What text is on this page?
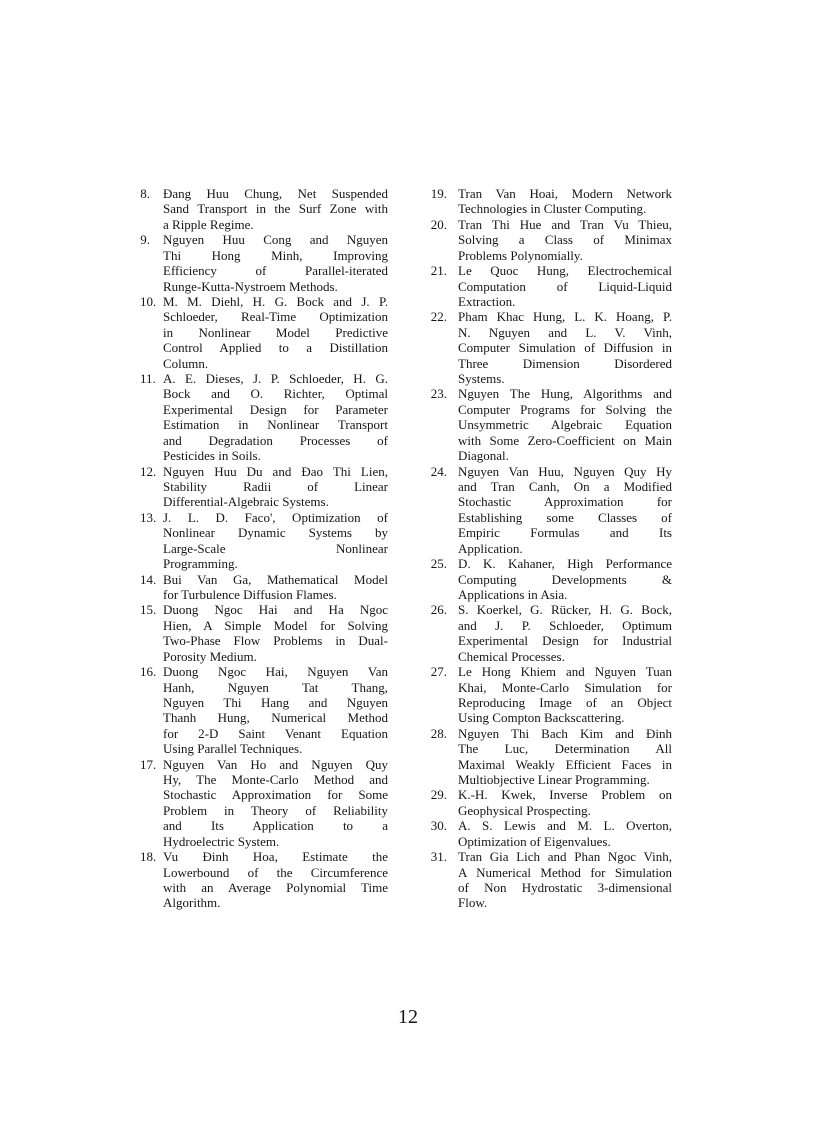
8.	Đang Huu Chung, Net Suspended
Sand Transport in the Surf Zone with
a Ripple Regime.
9.	Nguyen Huu Cong and Nguyen
Thi Hong Minh, Improving
Efficiency of Parallel-iterated
Runge-Kutta-Nystroem Methods.
10. M. M. Diehl, H. G. Bock and J. P.
Schloeder, Real-Time Optimization
in Nonlinear Model Predictive
Control Applied to a Distillation
Column.
11. A. E. Dieses, J. P. Schloeder, H. G.
Bock and O. Richter, Optimal
Experimental Design for Parameter
Estimation in Nonlinear Transport
and Degradation Processes of
Pesticides in Soils.
12. Nguyen Huu Du and Đao Thi Lien,
Stability Radii of Linear
Differential-Algebraic Systems.
13. J. L. D. Faco', Optimization of
Nonlinear Dynamic Systems by
Large-Scale Nonlinear
Programming.
14. Bui Van Ga, Mathematical Model
for Turbulence Diffusion Flames.
15. Duong Ngoc Hai and Ha Ngoc
Hien, A Simple Model for Solving
Two-Phase Flow Problems in Dual-
Porosity Medium.
16. Duong Ngoc Hai, Nguyen Van
Hanh, Nguyen Tat Thang,
Nguyen Thi Hang and Nguyen
Thanh Hung, Numerical Method
for 2-D Saint Venant Equation
Using Parallel Techniques.
17. Nguyen Van Ho and Nguyen Quy
Hy, The Monte-Carlo Method and
Stochastic Approximation for Some
Problem in Theory of Reliability
and Its Application to a
Hydroelectric System.
18. Vu Đinh Hoa, Estimate the
Lowerbound of the Circumference
with an Average Polynomial Time
Algorithm.
19. Tran Van Hoai, Modern Network
Technologies in Cluster Computing.
20. Tran Thi Hue and Tran Vu Thieu,
Solving a Class of Minimax
Problems Polynomially.
21. Le Quoc Hung, Electrochemical
Computation of Liquid-Liquid
Extraction.
22. Pham Khac Hung, L. K. Hoang, P.
N. Nguyen and L. V. Vinh,
Computer Simulation of Diffusion in
Three Dimension Disordered
Systems.
23. Nguyen The Hung, Algorithms and
Computer Programs for Solving the
Unsymmetric Algebraic Equation
with Some Zero-Coefficient on Main
Diagonal.
24. Nguyen Van Huu, Nguyen Quy Hy
and Tran Canh, On a Modified
Stochastic Approximation for
Establishing some Classes of
Empiric Formulas and Its
Application.
25. D. K. Kahaner, High Performance
Computing Developments &
Applications in Asia.
26. S. Koerkel, G. Rücker, H. G. Bock,
and J. P. Schloeder, Optimum
Experimental Design for Industrial
Chemical Processes.
27. Le Hong Khiem and Nguyen Tuan
Khai, Monte-Carlo Simulation for
Reproducing Image of an Object
Using Compton Backscattering.
28. Nguyen Thi Bach Kim and Đinh
The Luc, Determination All
Maximal Weakly Efficient Faces in
Multiobjective Linear Programming.
29. K.-H. Kwek, Inverse Problem on
Geophysical Prospecting.
30. A. S. Lewis and M. L. Overton,
Optimization of Eigenvalues.
31. Tran Gia Lich and Phan Ngoc Vinh,
A Numerical Method for Simulation
of Non Hydrostatic 3-dimensional
Flow.
12
